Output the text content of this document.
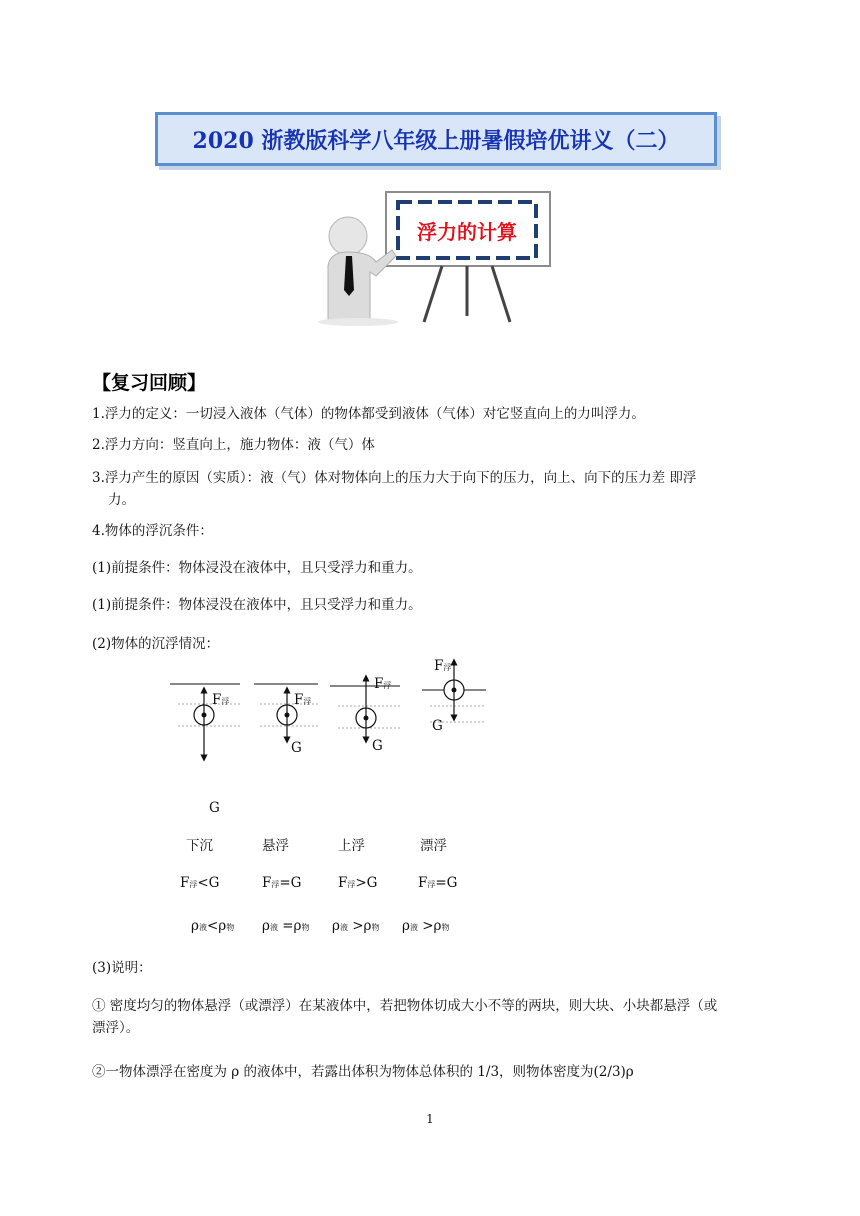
2020 浙教版科学八年级上册暑假培优讲义（二）
浮力的计算
【复习回顾】
1.浮力的定义：一切浸入液体（气体）的物体都受到液体（气体）对它竖直向上的力叫浮力。
2.浮力方向：竖直向上，施力物体：液（气）体
3.浮力产生的原因（实质）：液（气）体对物体向上的压力大于向下的压力，向上、向下的压力差 即浮
力。
4.物体的浮沉条件：
(1)前提条件：物体浸没在液体中，且只受浮力和重力。
(1)前提条件：物体浸没在液体中，且只受浮力和重力。
(2)物体的沉浮情况：
F浮	F浮
G
F浮
G
F浮
G
G
下沉	悬浮	上浮	漂浮
F浮<G	F浮=G	F浮>G	F浮=G
ρ液<ρ物 ρ液 =ρ物 ρ液 >ρ物 ρ液 >ρ物
(3)说明：
① 密度均匀的物体悬浮（或漂浮）在某液体中，若把物体切成大小不等的两块，则大块、小块都悬浮（或
漂浮）。
②一物体漂浮在密度为 ρ 的液体中，若露出体积为物体总体积的 1/3，则物体密度为(2/3)ρ
1
